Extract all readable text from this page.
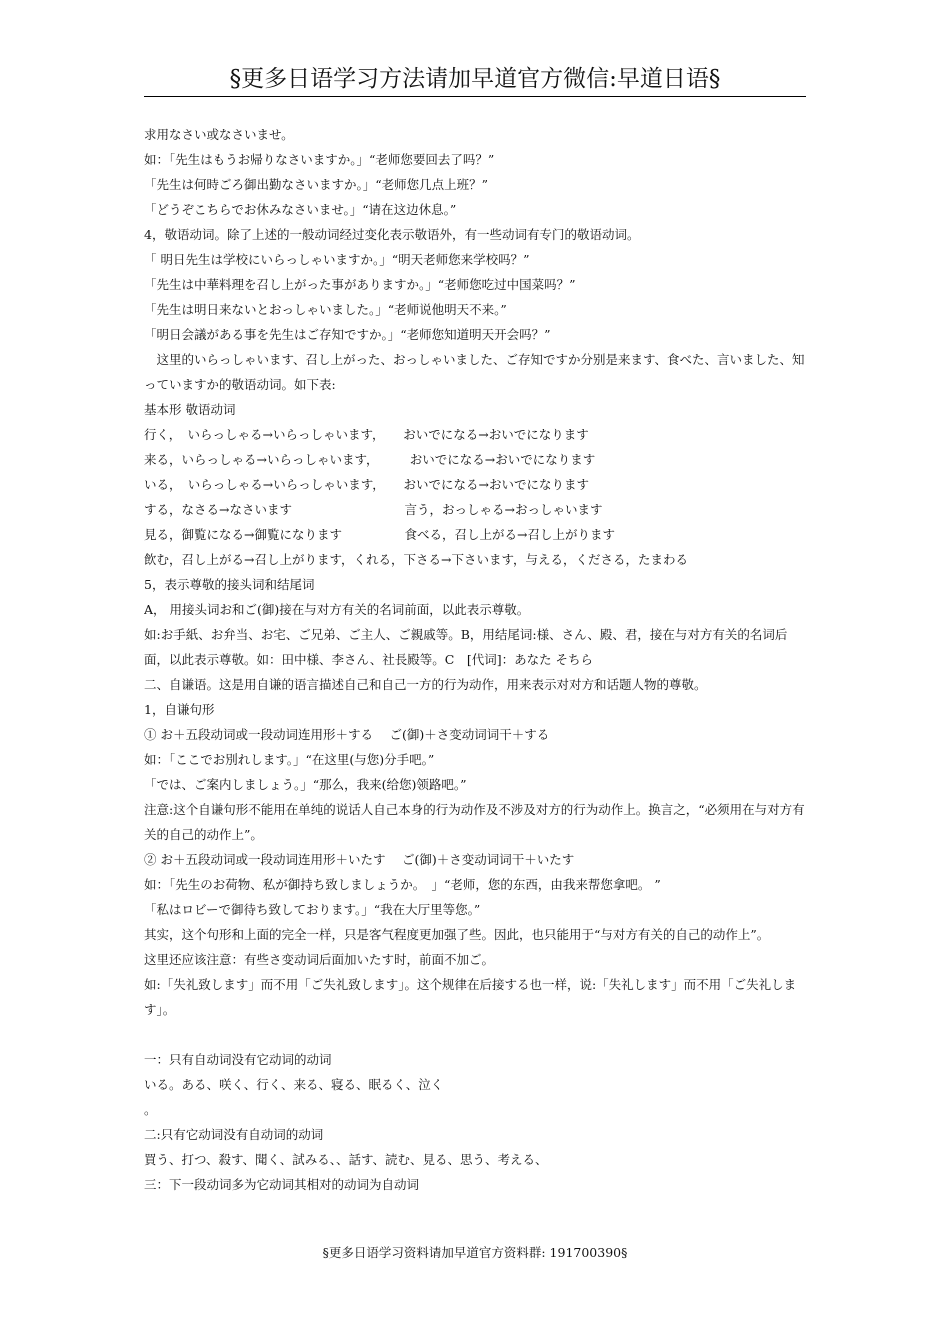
§更多日语学习方法请加早道官方微信:早道日语§
求用なさい或なさいませ。
如：「先生はもうお帰りなさいますか。」“老师您要回去了吗？”
「先生は何時ごろ御出勤なさいますか。」“老师您几点上班？”
「どうぞこちらでお休みなさいませ。」“请在这边休息。”
4，敬语动词。除了上述的一般动词经过变化表示敬语外，有一些动词有专门的敬语动词。
「 明日先生は学校にいらっしゃいますか。」“明天老师您来学校吗？”
「先生は中華料理を召し上がった事がありますか。」“老师您吃过中国菜吗？”
「先生は明日来ないとおっしゃいました。」“老师说他明天不来。”
「明日会議がある事を先生はご存知ですか。」“老师您知道明天开会吗？”
　这里的いらっしゃいます、召し上がった、おっしゃいました、ご存知ですか分别是来ます、食べた、言いました、知っていますか的敬语动词。如下表:
基本形 敬语动词
行く，　いらっしゃる→いらっしゃいます，　　おいでになる→おいでになります
来る，いらっしゃる→いらっしゃいます，　　　おいでになる→おいでになります
いる，　いらっしゃる→いらっしゃいます，　　おいでになる→おいでになります
する，なさる→なさいます　　　　　　　　　言う，おっしゃる→おっしゃいます
見る，御覧になる→御覧になります　　　　　食べる，召し上がる→召し上がります
飲む，召し上がる→召し上がります，くれる，下さる→下さいます，与える，くださる，たまわる
5，表示尊敬的接头词和结尾词
A， 用接头词お和ご(御)接在与对方有关的名词前面，以此表示尊敬。
如:お手紙、お弁当、お宅、ご兄弟、ご主人、ご親戚等。B，用结尾词:様、さん、殿、君，接在与对方有关的名词后面，以此表示尊敬。如：田中様、李さん、社長殿等。C　[代词]：あなた そちら
二、自谦语。这是用自谦的语言描述自己和自己一方的行为动作，用来表示对对方和话题人物的尊敬。
1，自谦句形
① お＋五段动词或一段动词连用形＋する　 ご(御)＋さ变动词词干＋する
如：「ここでお別れします。」“在这里(与您)分手吧。”
「では、ご案内しましょう。」“那么，我来(给您)领路吧。”
注意:这个自谦句形不能用在单纯的说话人自己本身的行为动作及不涉及对方的行为动作上。换言之，“必须用在与对方有关的自己的动作上”。
② お＋五段动词或一段动词连用形＋いたす　 ご(御)＋さ变动词词干＋いたす
如：「先生のお荷物、私が御持ち致しましょうか。　」“老师，您的东西，由我来帮您拿吧。 ”
「私はロビーで御待ち致しております。」“我在大厅里等您。”
其实，这个句形和上面的完全一样，只是客气程度更加强了些。因此，也只能用于“与对方有关的自己的动作上”。
这里还应该注意：有些さ变动词后面加いたす时，前面不加ご。
如:「失礼致します」而不用「ご失礼致します」。这个规律在后接する也一样，说:「失礼します」而不用「ご失礼します」。
一：只有自动词没有它动词的动词
いる。ある、咲く、行く、来る、寝る、眠るく、泣く
。
二:只有它动词没有自动词的动词
買う、打つ、殺す、聞く、試みる、、話す、読む、見る、思う、考える、
三：下一段动词多为它动词其相对的动词为自动词
§更多日语学习资料请加早道官方资料群: 191700390§
